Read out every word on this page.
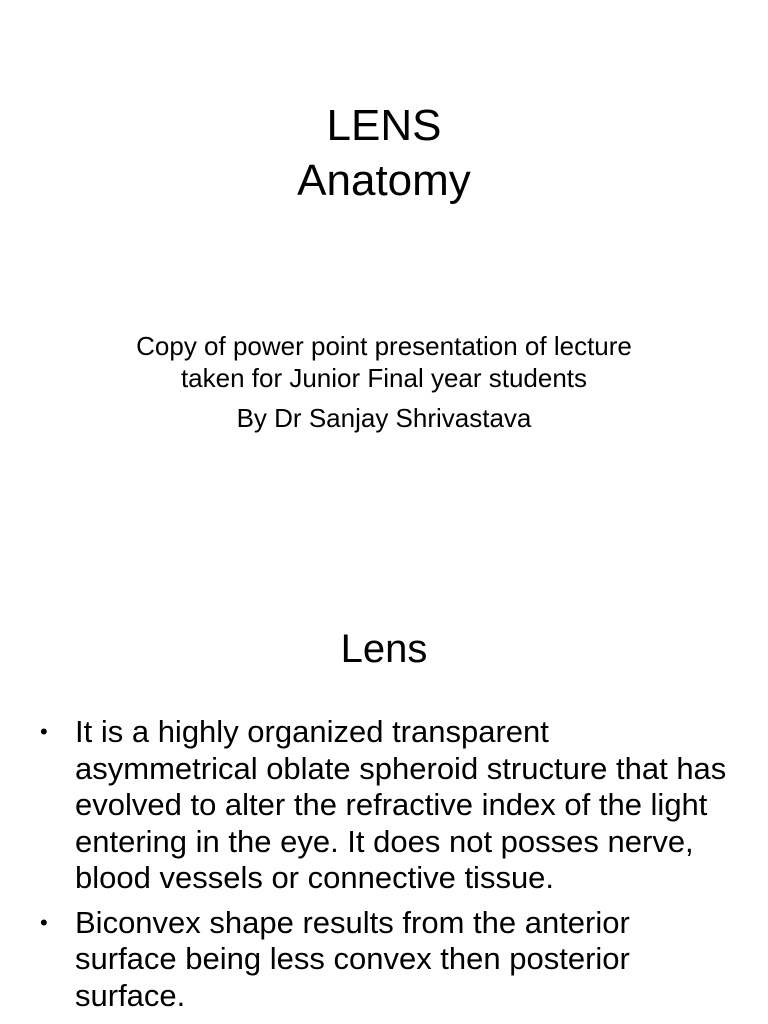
LENS
Anatomy

Copy of power point presentation of lecture taken for Junior Final year students

By Dr Sanjay Shrivastava

Lens
• It is a highly organized transparent asymmetrical oblate spheroid structure that has evolved to alter the refractive index of the light entering in the eye. It does not posses nerve, blood vessels or connective tissue.
• Biconvex shape results from the anterior surface being less convex then posterior surface.
